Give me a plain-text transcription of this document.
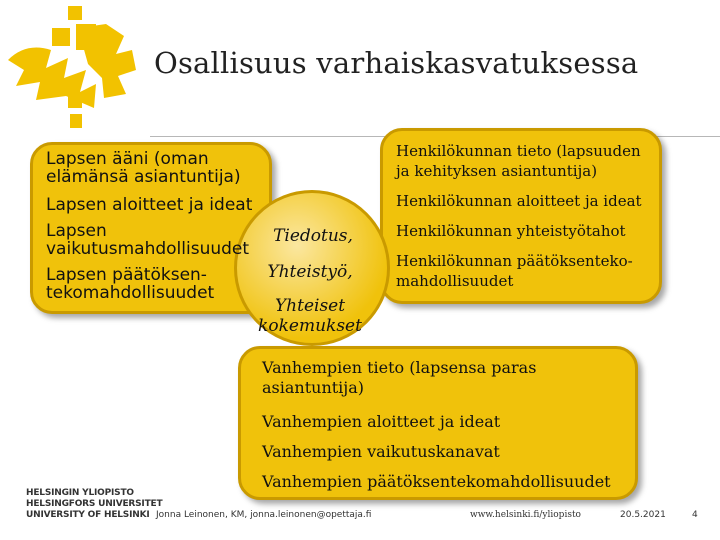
Osallisuus varhaiskasvatuksessa
Lapsen ääni (oman
elämänsä asiantuntija)
Lapsen aloitteet ja ideat
Lapsen
vaikutusmahdollisuudet
Lapsen päätöksen-
tekomahdollisuudet
Henkilökunnan tieto (lapsuuden
ja kehityksen asiantuntija)
Henkilökunnan aloitteet ja ideat
Henkilökunnan yhteistyötahot
Henkilökunnan päätöksenteko-
mahdollisuudet
Tiedotus,
Yhteistyö,
Yhteiset
kokemukset
Vanhempien tieto (lapsensa paras
asiantuntija)
Vanhempien aloitteet ja ideat
Vanhempien vaikutuskanavat
Vanhempien päätöksentekomahdollisuudet
HELSINGIN YLIOPISTO
HELSINGFORS UNIVERSITET
UNIVERSITY OF HELSINKI Jonna Leinonen, KM, jonna.leinonen@opettaja.fi	www.helsinki.fi/yliopisto	20.5.2021	4
